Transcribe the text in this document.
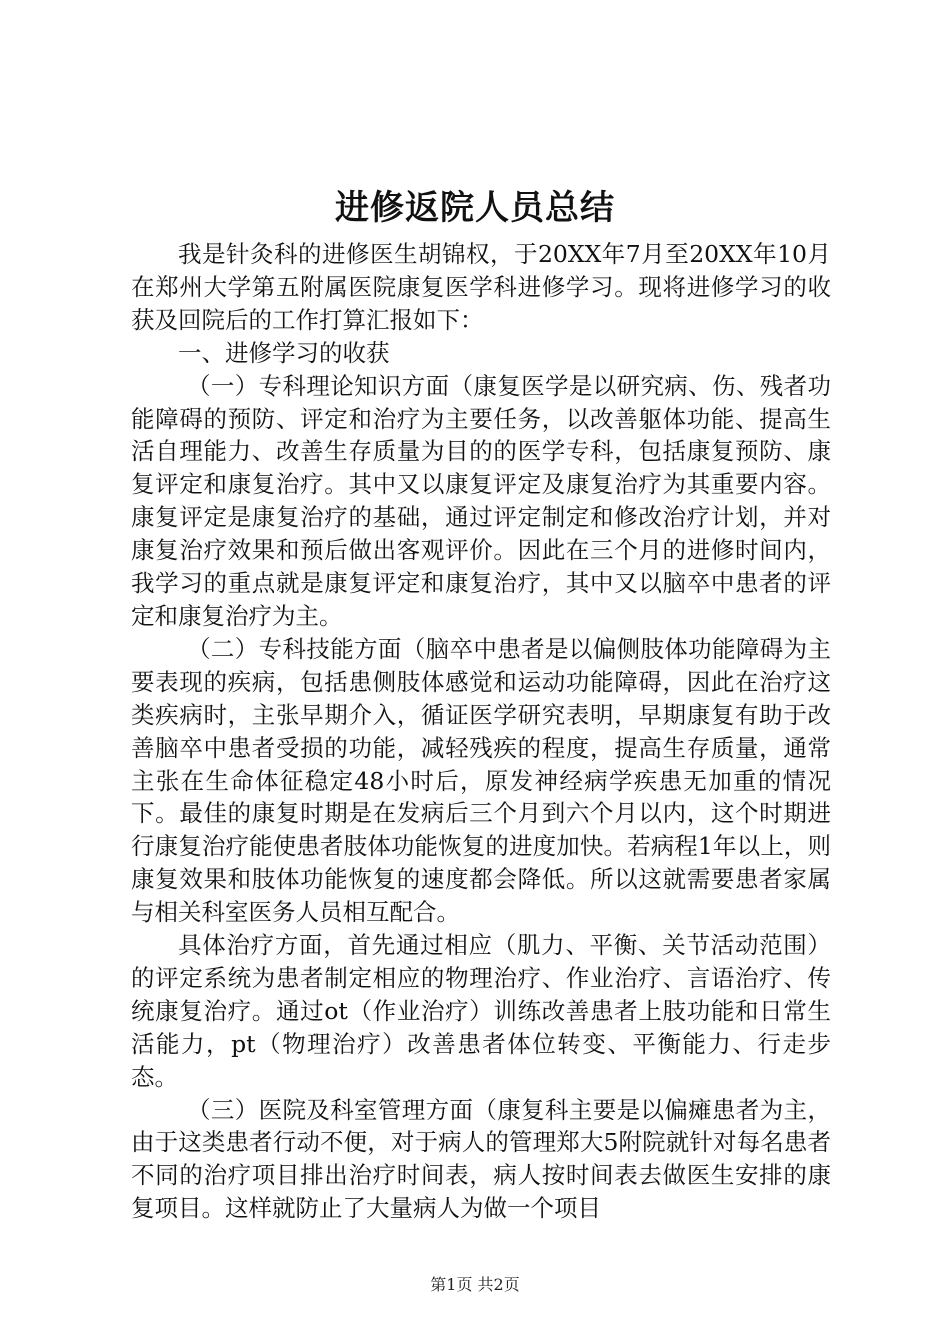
进修返院人员总结

我是针灸科的进修医生胡锦权，于20XX年7月至20XX年10月在郑州大学第五附属医院康复医学科进修学习。现将进修学习的收获及回院后的工作打算汇报如下：

一、进修学习的收获

（一）专科理论知识方面（康复医学是以研究病、伤、残者功能障碍的预防、评定和治疗为主要任务，以改善躯体功能、提高生活自理能力、改善生存质量为目的的医学专科，包括康复预防、康复评定和康复治疗。其中又以康复评定及康复治疗为其重要内容。康复评定是康复治疗的基础，通过评定制定和修改治疗计划，并对康复治疗效果和预后做出客观评价。因此在三个月的进修时间内，我学习的重点就是康复评定和康复治疗，其中又以脑卒中患者的评定和康复治疗为主。

（二）专科技能方面（脑卒中患者是以偏侧肢体功能障碍为主要表现的疾病，包括患侧肢体感觉和运动功能障碍，因此在治疗这类疾病时，主张早期介入，循证医学研究表明，早期康复有助于改善脑卒中患者受损的功能，减轻残疾的程度，提高生存质量，通常主张在生命体征稳定48小时后，原发神经病学疾患无加重的情况下。最佳的康复时期是在发病后三个月到六个月以内，这个时期进行康复治疗能使患者肢体功能恢复的进度加快。若病程1年以上，则康复效果和肢体功能恢复的速度都会降低。所以这就需要患者家属与相关科室医务人员相互配合。

具体治疗方面，首先通过相应（肌力、平衡、关节活动范围）的评定系统为患者制定相应的物理治疗、作业治疗、言语治疗、传统康复治疗。通过ot（作业治疗）训练改善患者上肢功能和日常生活能力，pt（物理治疗）改善患者体位转变、平衡能力、行走步态。

（三）医院及科室管理方面（康复科主要是以偏瘫患者为主，由于这类患者行动不便，对于病人的管理郑大5附院就针对每名患者不同的治疗项目排出治疗时间表，病人按时间表去做医生安排的康复项目。这样就防止了大量病人为做一个项目

第1页 共2页
